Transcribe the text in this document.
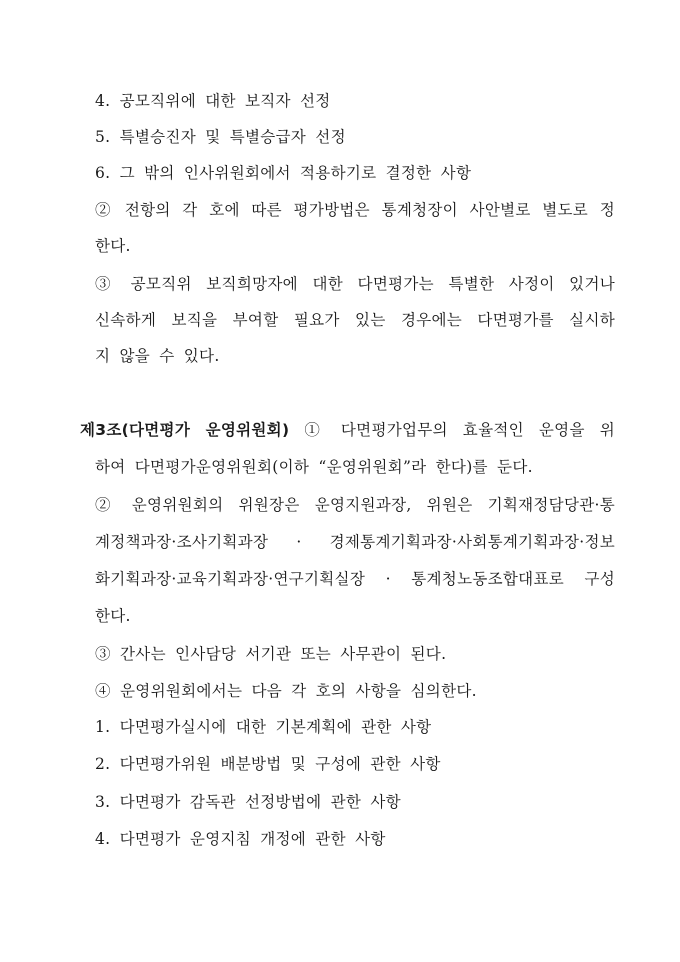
4. 공모직위에 대한 보직자 선정
5. 특별승진자 및 특별승급자 선정
6. 그 밖의 인사위원회에서 적용하기로 결정한 사항
② 전항의 각 호에 따른 평가방법은 통계청장이 사안별로 별도로 정
한다.
③ 공모직위 보직희망자에 대한 다면평가는 특별한 사정이 있거나
신속하게 보직을 부여할 필요가 있는 경우에는 다면평가를 실시하
지 않을 수 있다.
제3조(다면평가 운영위원회) ① 다면평가업무의 효율적인 운영을 위
하여 다면평가운영위원회(이하 “운영위원회”라 한다)를 둔다.
② 운영위원회의 위원장은 운영지원과장, 위원은 기획재정담당관·통
계정책과장·조사기획과장 · 경제통계기획과장·사회통계기획과장·정보
화기획과장·교육기획과장·연구기획실장 · 통계청노동조합대표로 구성
한다.
③ 간사는 인사담당 서기관 또는 사무관이 된다.
④ 운영위원회에서는 다음 각 호의 사항을 심의한다.
1. 다면평가실시에 대한 기본계획에 관한 사항
2. 다면평가위원 배분방법 및 구성에 관한 사항
3. 다면평가 감독관 선정방법에 관한 사항
4. 다면평가 운영지침 개정에 관한 사항
